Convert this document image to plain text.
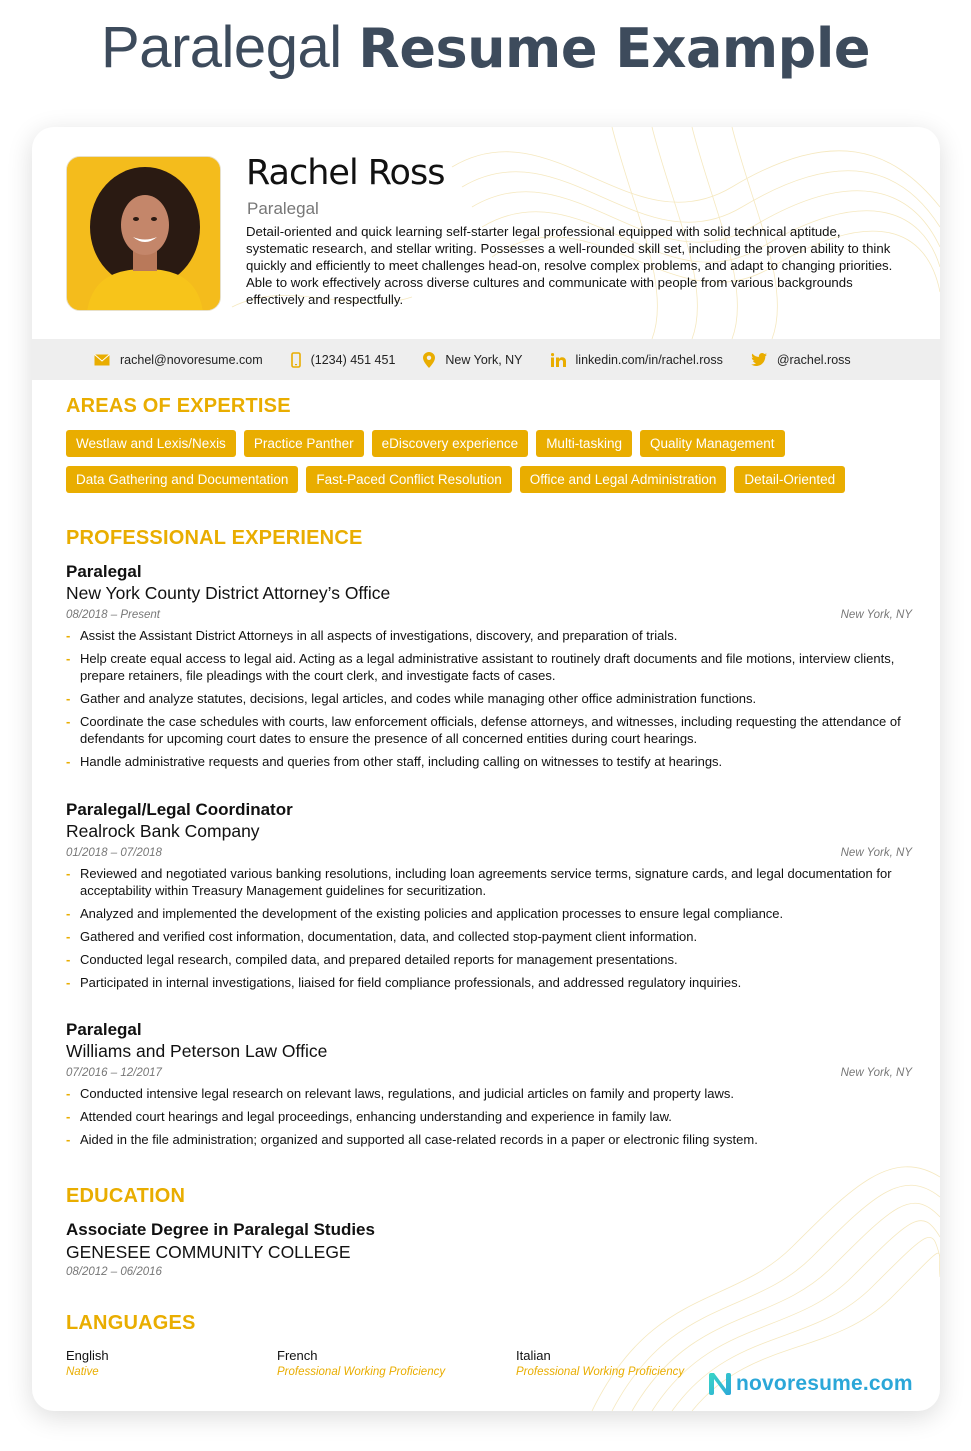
Paralegal Resume Example
Rachel Ross
Paralegal
Detail-oriented and quick learning self-starter legal professional equipped with solid technical aptitude, systematic research, and stellar writing. Possesses a well-rounded skill set, including the proven ability to think quickly and efficiently to meet challenges head-on, resolve complex problems, and adapt to changing priorities. Able to work effectively across diverse cultures and communicate with people from various backgrounds effectively and respectfully.
rachel@novoresume.com	(1234) 451 451	New York, NY	linkedin.com/in/rachel.ross	@rachel.ross
AREAS OF EXPERTISE
Westlaw and Lexis/Nexis	Practice Panther	eDiscovery experience	Multi-tasking	Quality Management
Data Gathering and Documentation	Fast-Paced Conflict Resolution	Office and Legal Administration	Detail-Oriented
PROFESSIONAL EXPERIENCE
Paralegal
New York County District Attorney’s Office
08/2018 – Present	New York, NY
- Assist the Assistant District Attorneys in all aspects of investigations, discovery, and preparation of trials.
- Help create equal access to legal aid. Acting as a legal administrative assistant to routinely draft documents and file motions, interview clients, prepare retainers, file pleadings with the court clerk, and investigate facts of cases.
- Gather and analyze statutes, decisions, legal articles, and codes while managing other office administration functions.
- Coordinate the case schedules with courts, law enforcement officials, defense attorneys, and witnesses, including requesting the attendance of defendants for upcoming court dates to ensure the presence of all concerned entities during court hearings.
- Handle administrative requests and queries from other staff, including calling on witnesses to testify at hearings.
Paralegal/Legal Coordinator
Realrock Bank Company
01/2018 – 07/2018	New York, NY
- Reviewed and negotiated various banking resolutions, including loan agreements service terms, signature cards, and legal documentation for acceptability within Treasury Management guidelines for securitization.
- Analyzed and implemented the development of the existing policies and application processes to ensure legal compliance.
- Gathered and verified cost information, documentation, data, and collected stop-payment client information.
- Conducted legal research, compiled data, and prepared detailed reports for management presentations.
- Participated in internal investigations, liaised for field compliance professionals, and addressed regulatory inquiries.
Paralegal
Williams and Peterson Law Office
07/2016 – 12/2017	New York, NY
- Conducted intensive legal research on relevant laws, regulations, and judicial articles on family and property laws.
- Attended court hearings and legal proceedings, enhancing understanding and experience in family law.
- Aided in the file administration; organized and supported all case-related records in a paper or electronic filing system.
EDUCATION
Associate Degree in Paralegal Studies
GENESEE COMMUNITY COLLEGE
08/2012 – 06/2016
LANGUAGES
English
Native
French
Professional Working Proficiency
Italian
Professional Working Proficiency	novoresume.com
